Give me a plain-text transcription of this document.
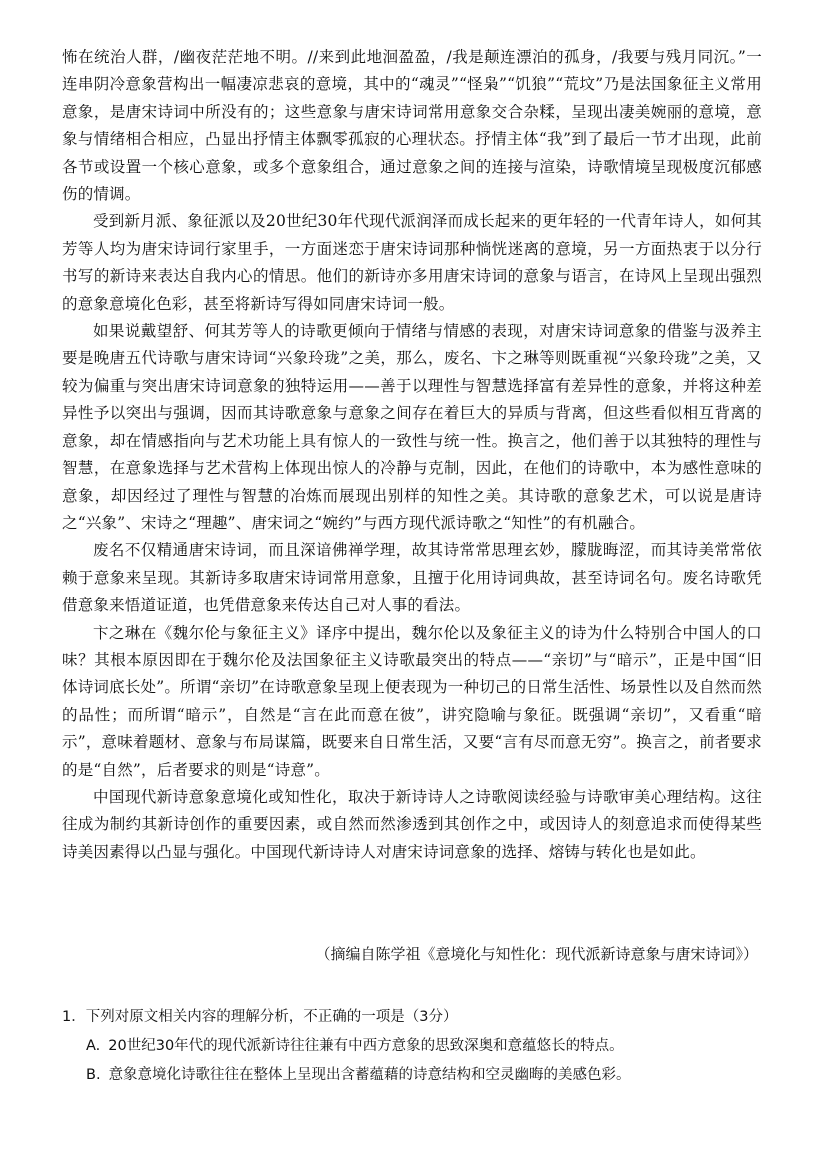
怖在统治人群，/幽夜茫茫地不明。//来到此地洄盈盈，/我是颠连漂泊的孤身，/我要与残月同沉。”一连串阴冷意象营构出一幅凄凉悲哀的意境，其中的“魂灵”“怪枭”“饥狼”“荒坟”乃是法国象征主义常用意象，是唐宋诗词中所没有的；这些意象与唐宋诗词常用意象交合杂糅，呈现出凄美婉丽的意境，意象与情绪相合相应，凸显出抒情主体飘零孤寂的心理状态。抒情主体“我”到了最后一节才出现，此前各节或设置一个核心意象，或多个意象组合，通过意象之间的连接与渲染，诗歌情境呈现极度沉郁感伤的情调。

受到新月派、象征派以及20世纪30年代现代派润泽而成长起来的更年轻的一代青年诗人，如何其芳等人均为唐宋诗词行家里手，一方面迷恋于唐宋诗词那种惝恍迷离的意境，另一方面热衷于以分行书写的新诗来表达自我内心的情思。他们的新诗亦多用唐宋诗词的意象与语言，在诗风上呈现出强烈的意象意境化色彩，甚至将新诗写得如同唐宋诗词一般。

如果说戴望舒、何其芳等人的诗歌更倾向于情绪与情感的表现，对唐宋诗词意象的借鉴与汲养主要是晚唐五代诗歌与唐宋诗词“兴象玲珑”之美，那么，废名、卞之琳等则既重视“兴象玲珑”之美，又较为偏重与突出唐宋诗词意象的独特运用——善于以理性与智慧选择富有差异性的意象，并将这种差异性予以突出与强调，因而其诗歌意象与意象之间存在着巨大的异质与背离，但这些看似相互背离的意象，却在情感指向与艺术功能上具有惊人的一致性与统一性。换言之，他们善于以其独特的理性与智慧，在意象选择与艺术营构上体现出惊人的冷静与克制，因此，在他们的诗歌中，本为感性意味的意象，却因经过了理性与智慧的冶炼而展现出别样的知性之美。其诗歌的意象艺术，可以说是唐诗之“兴象”、宋诗之“理趣”、唐宋词之“婉约”与西方现代派诗歌之“知性”的有机融合。

废名不仅精通唐宋诗词，而且深谙佛禅学理，故其诗常常思理玄妙，朦胧晦涩，而其诗美常常依赖于意象来呈现。其新诗多取唐宋诗词常用意象，且擅于化用诗词典故，甚至诗词名句。废名诗歌凭借意象来悟道证道，也凭借意象来传达自己对人事的看法。

卞之琳在《魏尔伦与象征主义》译序中提出，魏尔伦以及象征主义的诗为什么特别合中国人的口味？其根本原因即在于魏尔伦及法国象征主义诗歌最突出的特点——“亲切”与“暗示”，正是中国“旧体诗词底长处”。所谓“亲切”在诗歌意象呈现上便表现为一种切己的日常生活性、场景性以及自然而然的品性；而所谓“暗示”，自然是“言在此而意在彼”，讲究隐喻与象征。既强调“亲切”，又看重“暗示”，意味着题材、意象与布局谋篇，既要来自日常生活，又要“言有尽而意无穷”。换言之，前者要求的是“自然”，后者要求的则是“诗意”。

中国现代新诗意象意境化或知性化，取决于新诗诗人之诗歌阅读经验与诗歌审美心理结构。这往往成为制约其新诗创作的重要因素，或自然而然渗透到其创作之中，或因诗人的刻意追求而使得某些诗美因素得以凸显与强化。中国现代新诗诗人对唐宋诗词意象的选择、熔铸与转化也是如此。

（摘编自陈学祖《意境化与知性化：现代派新诗意象与唐宋诗词》）

1．下列对原文相关内容的理解分析，不正确的一项是（3分）

A. 20世纪30年代的现代派新诗往往兼有中西方意象的思致深奥和意蕴悠长的特点。

B. 意象意境化诗歌往往在整体上呈现出含蓄蕴藉的诗意结构和空灵幽晦的美感色彩。
